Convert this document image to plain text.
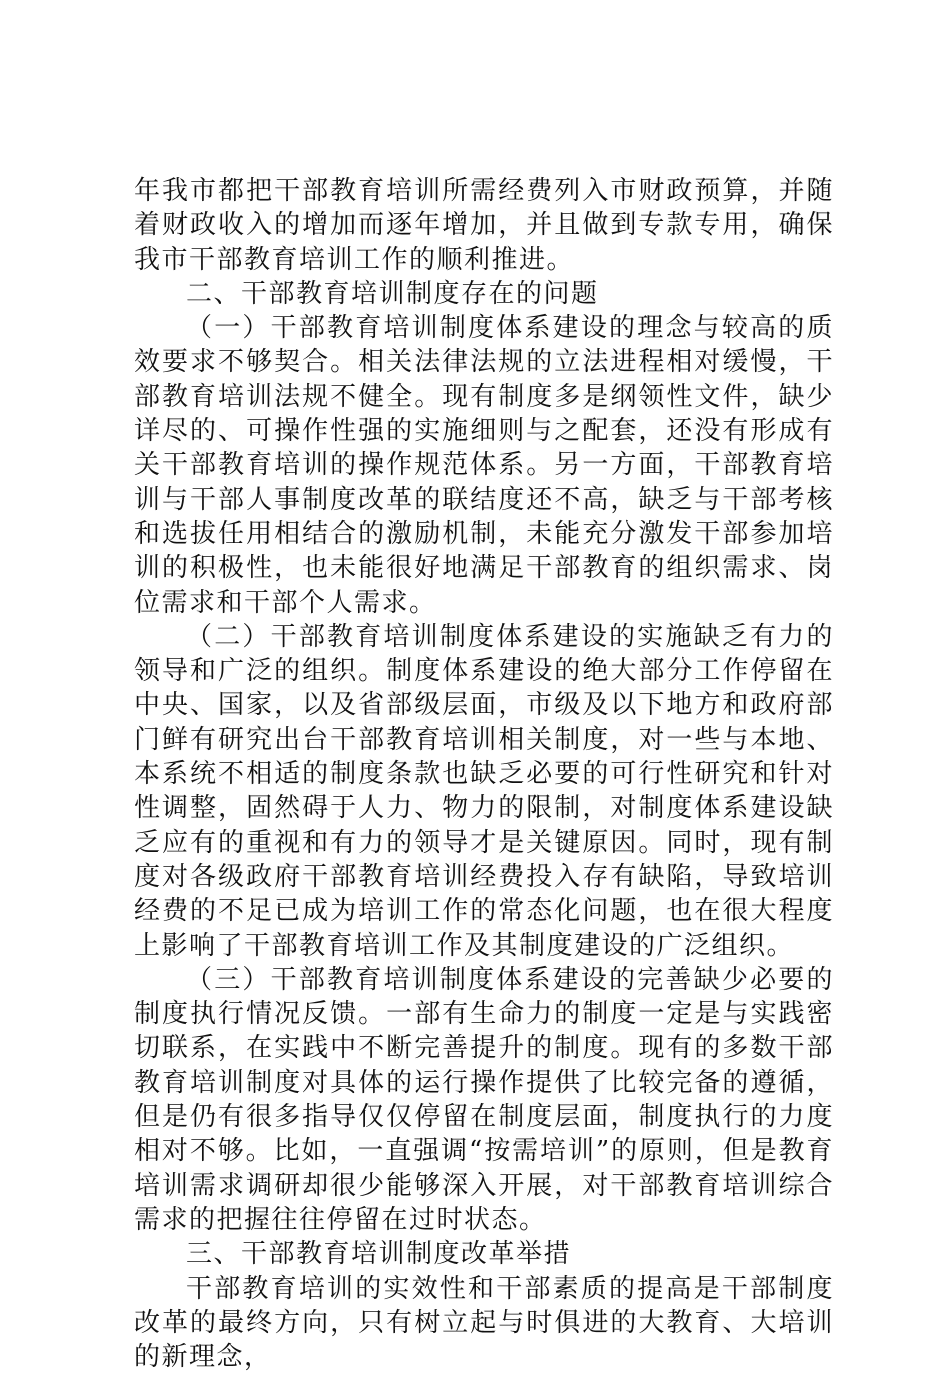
年我市都把干部教育培训所需经费列入市财政预算，并随着财政收入的增加而逐年增加，并且做到专款专用，确保我市干部教育培训工作的顺利推进。

二、干部教育培训制度存在的问题

（一）干部教育培训制度体系建设的理念与较高的质效要求不够契合。相关法律法规的立法进程相对缓慢，干部教育培训法规不健全。现有制度多是纲领性文件，缺少详尽的、可操作性强的实施细则与之配套，还没有形成有关干部教育培训的操作规范体系。另一方面，干部教育培训与干部人事制度改革的联结度还不高，缺乏与干部考核和选拔任用相结合的激励机制，未能充分激发干部参加培训的积极性，也未能很好地满足干部教育的组织需求、岗位需求和干部个人需求。

（二）干部教育培训制度体系建设的实施缺乏有力的领导和广泛的组织。制度体系建设的绝大部分工作停留在中央、国家，以及省部级层面，市级及以下地方和政府部门鲜有研究出台干部教育培训相关制度，对一些与本地、本系统不相适的制度条款也缺乏必要的可行性研究和针对性调整，固然碍于人力、物力的限制，对制度体系建设缺乏应有的重视和有力的领导才是关键原因。同时，现有制度对各级政府干部教育培训经费投入存有缺陷，导致培训经费的不足已成为培训工作的常态化问题，也在很大程度上影响了干部教育培训工作及其制度建设的广泛组织。

（三）干部教育培训制度体系建设的完善缺少必要的制度执行情况反馈。一部有生命力的制度一定是与实践密切联系，在实践中不断完善提升的制度。现有的多数干部教育培训制度对具体的运行操作提供了比较完备的遵循，但是仍有很多指导仅仅停留在制度层面，制度执行的力度相对不够。比如，一直强调“按需培训”的原则，但是教育培训需求调研却很少能够深入开展，对干部教育培训综合需求的把握往往停留在过时状态。

三、干部教育培训制度改革举措

干部教育培训的实效性和干部素质的提高是干部制度改革的最终方向，只有树立起与时俱进的大教育、大培训的新理念，
